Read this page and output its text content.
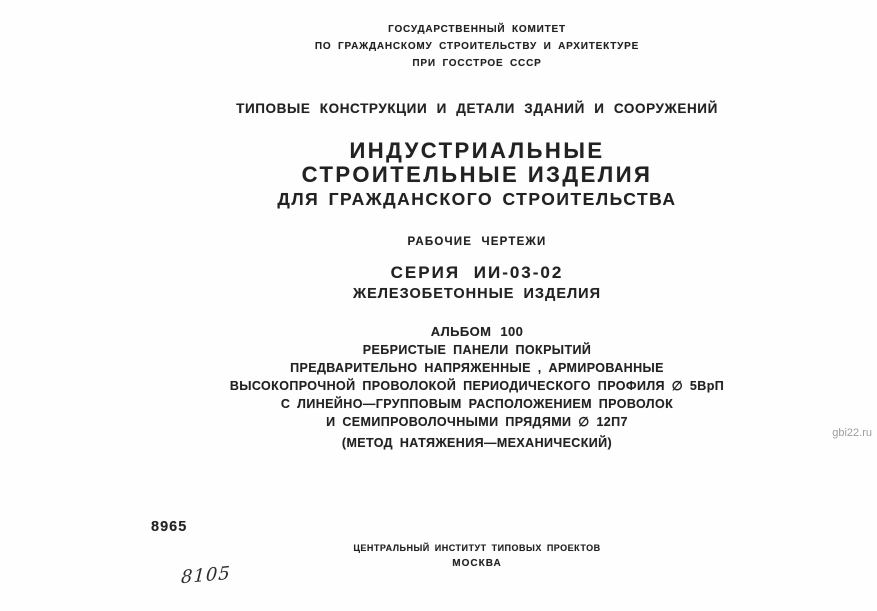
ГОСУДАРСТВЕННЫЙ КОМИТЕТ
ПО ГРАЖДАНСКОМУ СТРОИТЕЛЬСТВУ И АРХИТЕКТУРЕ
ПРИ ГОССТРОЕ СССР
ТИПОВЫЕ КОНСТРУКЦИИ И ДЕТАЛИ ЗДАНИЙ И СООРУЖЕНИЙ
ИНДУСТРИАЛЬНЫЕ
СТРОИТЕЛЬНЫЕ ИЗДЕЛИЯ
ДЛЯ ГРАЖДАНСКОГО СТРОИТЕЛЬСТВА
РАБОЧИЕ ЧЕРТЕЖИ
СЕРИЯ ИИ-03-02
ЖЕЛЕЗОБЕТОННЫЕ ИЗДЕЛИЯ
АЛЬБОМ 100
РЕБРИСТЫЕ ПАНЕЛИ ПОКРЫТИЙ
ПРЕДВАРИТЕЛЬНО НАПРЯЖЕННЫЕ , АРМИРОВАННЫЕ
ВЫСОКОПРОЧНОЙ ПРОВОЛОКОЙ ПЕРИОДИЧЕСКОГО ПРОФИЛЯ ∅ 5ВрП
С ЛИНЕЙНО—ГРУППОВЫМ РАСПОЛОЖЕНИЕМ ПРОВОЛОК
И СЕМИПРОВОЛОЧНЫМИ ПРЯДЯМИ ∅ 12П7
(МЕТОД НАТЯЖЕНИЯ—МЕХАНИЧЕСКИЙ)
8965
ЦЕНТРАЛЬНЫЙ ИНСТИТУТ ТИПОВЫХ ПРОЕКТОВ
МОСКВА
8105
gbi22.ru
